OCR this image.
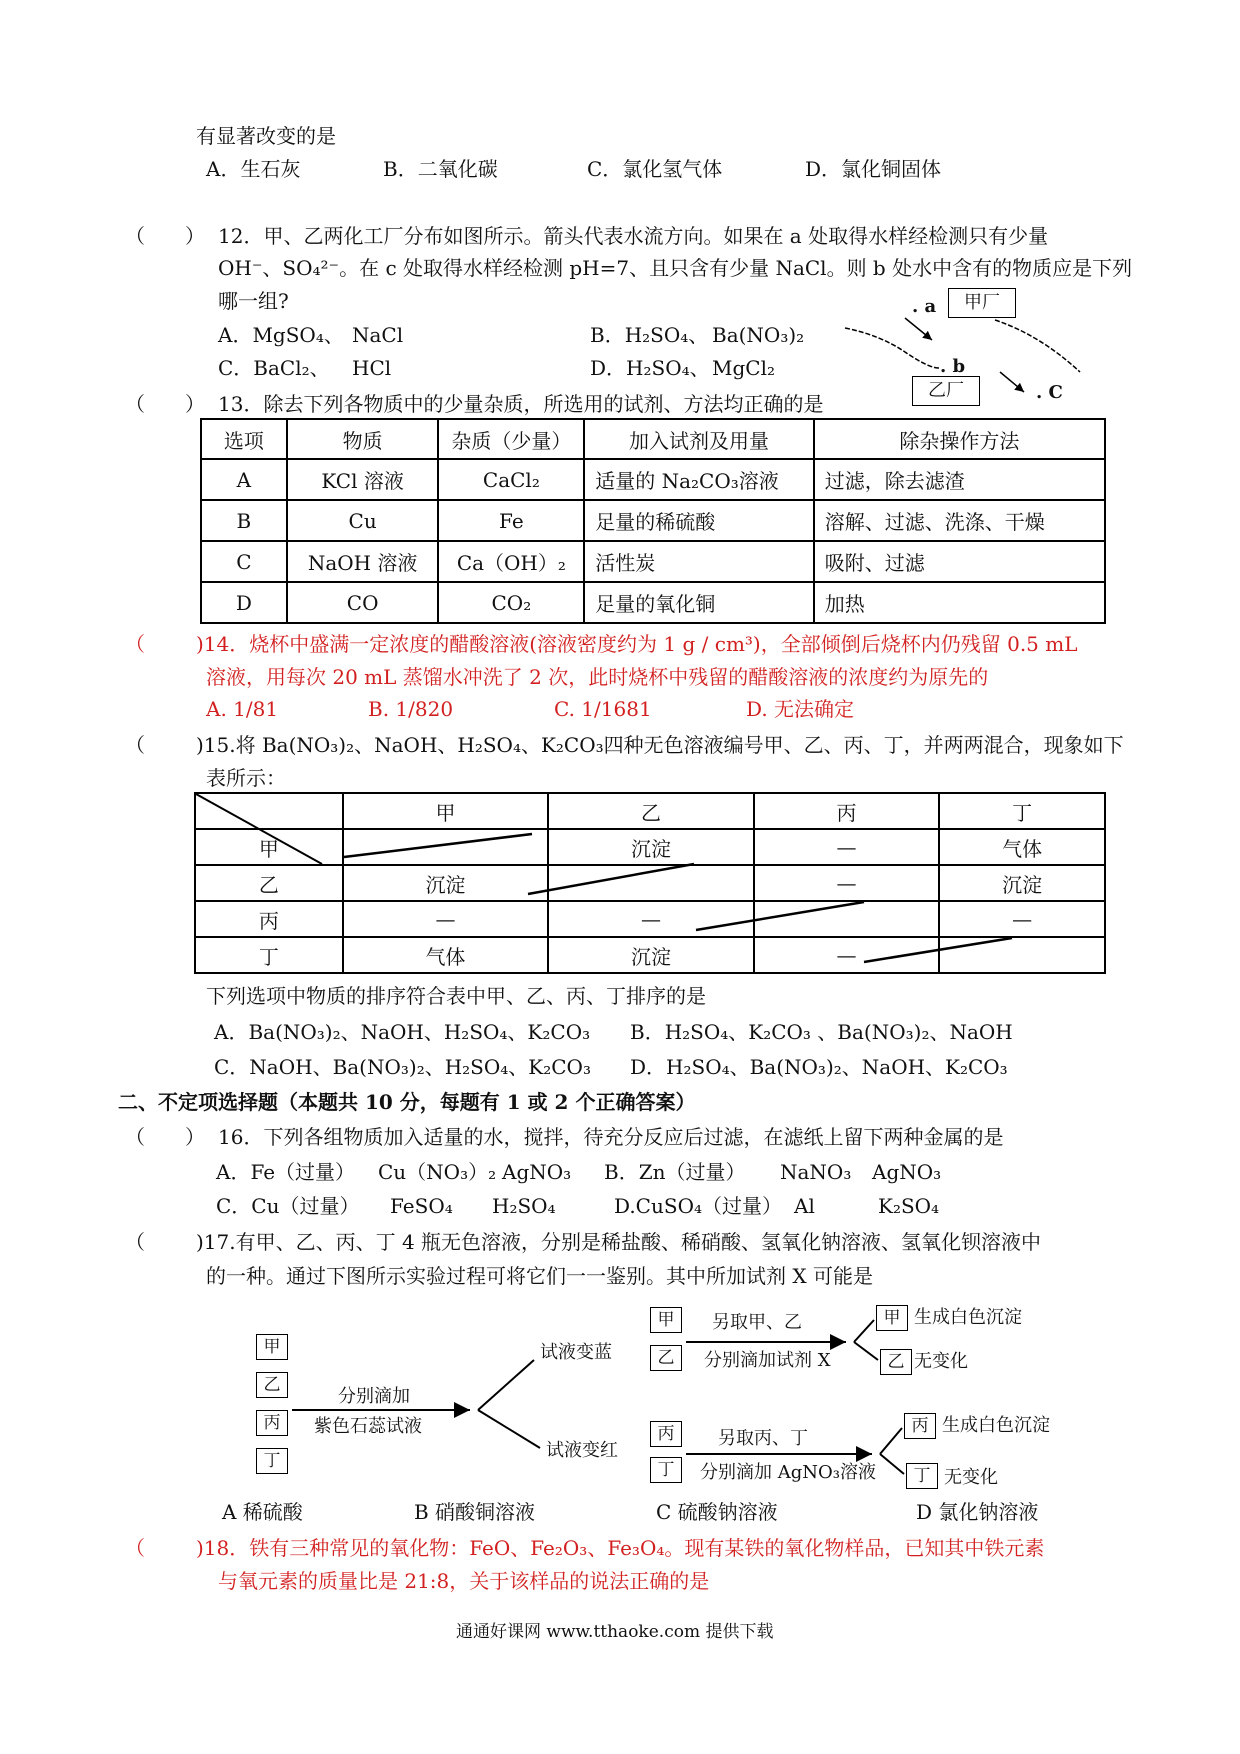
有显著改变的是
A．生石灰	B．二氧化碳	C．氯化氢气体	D．氯化铜固体
（　　） 12．甲、乙两化工厂分布如图所示。箭头代表水流方向。如果在 a 处取得水样经检测只有少量
OH⁻、SO₄²⁻。在 c 处取得水样经检测 pH=7、且只含有少量 NaCl。则 b 处水中含有的物质应是下列
哪一组?
A．MgSO₄、 NaCl	B．H₂SO₄、 Ba(NO₃)₂
C．BaCl₂、 HCl	D．H₂SO₄、 MgCl₂
. a	甲厂
. b
乙厂	. C
（　　） 13．除去下列各物质中的少量杂质，所选用的试剂、方法均正确的是
选项	物质	杂质（少量）	加入试剂及用量	除杂操作方法
A	KCl 溶液	CaCl₂	适量的 Na₂CO₃溶液	过滤，除去滤渣
B	Cu	Fe	足量的稀硫酸	溶解、过滤、洗涤、干燥
C	NaOH 溶液	Ca（OH）₂	活性炭	吸附、过滤
D	CO	CO₂	足量的氧化铜	加热
（　　 )14．烧杯中盛满一定浓度的醋酸溶液(溶液密度约为 1 g / cm³)，全部倾倒后烧杯内仍残留 0.5 mL
溶液，用每次 20 mL 蒸馏水冲洗了 2 次，此时烧杯中残留的醋酸溶液的浓度约为原先的
A. 1/81	B. 1/820	C. 1/1681	D. 无法确定
（　　 )15.将 Ba(NO₃)₂、NaOH、H₂SO₄、K₂CO₃四种无色溶液编号甲、乙、丙、丁，并两两混合，现象如下
表所示：
	甲	乙	丙	丁
甲		沉淀	—	气体
乙	沉淀		—	沉淀
丙	—	—		—
丁	气体	沉淀	—	
下列选项中物质的排序符合表中甲、乙、丙、丁排序的是
A．Ba(NO₃)₂、NaOH、H₂SO₄、K₂CO₃ B．H₂SO₄、K₂CO₃ 、Ba(NO₃)₂、NaOH
C．NaOH、Ba(NO₃)₂、H₂SO₄、K₂CO₃ D．H₂SO₄、Ba(NO₃)₂、NaOH、K₂CO₃
二、不定项选择题（本题共 10 分，每题有 1 或 2 个正确答案）
（　　） 16．下列各组物质加入适量的水，搅拌，待充分反应后过滤，在滤纸上留下两种金属的是
A．Fe（过量） Cu（NO₃）₂ AgNO₃ B．Zn（过量） NaNO₃ AgNO₃
C．Cu（过量） FeSO₄ H₂SO₄	D.CuSO₄（过量） Al	K₂SO₄
（　　 )17.有甲、乙、丙、丁 4 瓶无色溶液，分别是稀盐酸、稀硝酸、氢氧化钠溶液、氢氧化钡溶液中
的一种。通过下图所示实验过程可将它们一一鉴别。其中所加试剂 X 可能是
甲
乙
丙
丁
分别滴加
紫色石蕊试液
试液变蓝
试液变红
甲
乙
另取甲、乙
分别滴加试剂 X
甲 生成白色沉淀
乙 无变化
丙
丁
另取丙、丁
分别滴加 AgNO₃溶液
丙 生成白色沉淀
丁 无变化
A 稀硫酸	B 硝酸铜溶液	C 硫酸钠溶液	D 氯化钠溶液
（　　 )18．铁有三种常见的氧化物：FeO、Fe₂O₃、Fe₃O₄。现有某铁的氧化物样品，已知其中铁元素
与氧元素的质量比是 21:8，关于该样品的说法正确的是
通通好课网 www.tthaoke.com 提供下载
